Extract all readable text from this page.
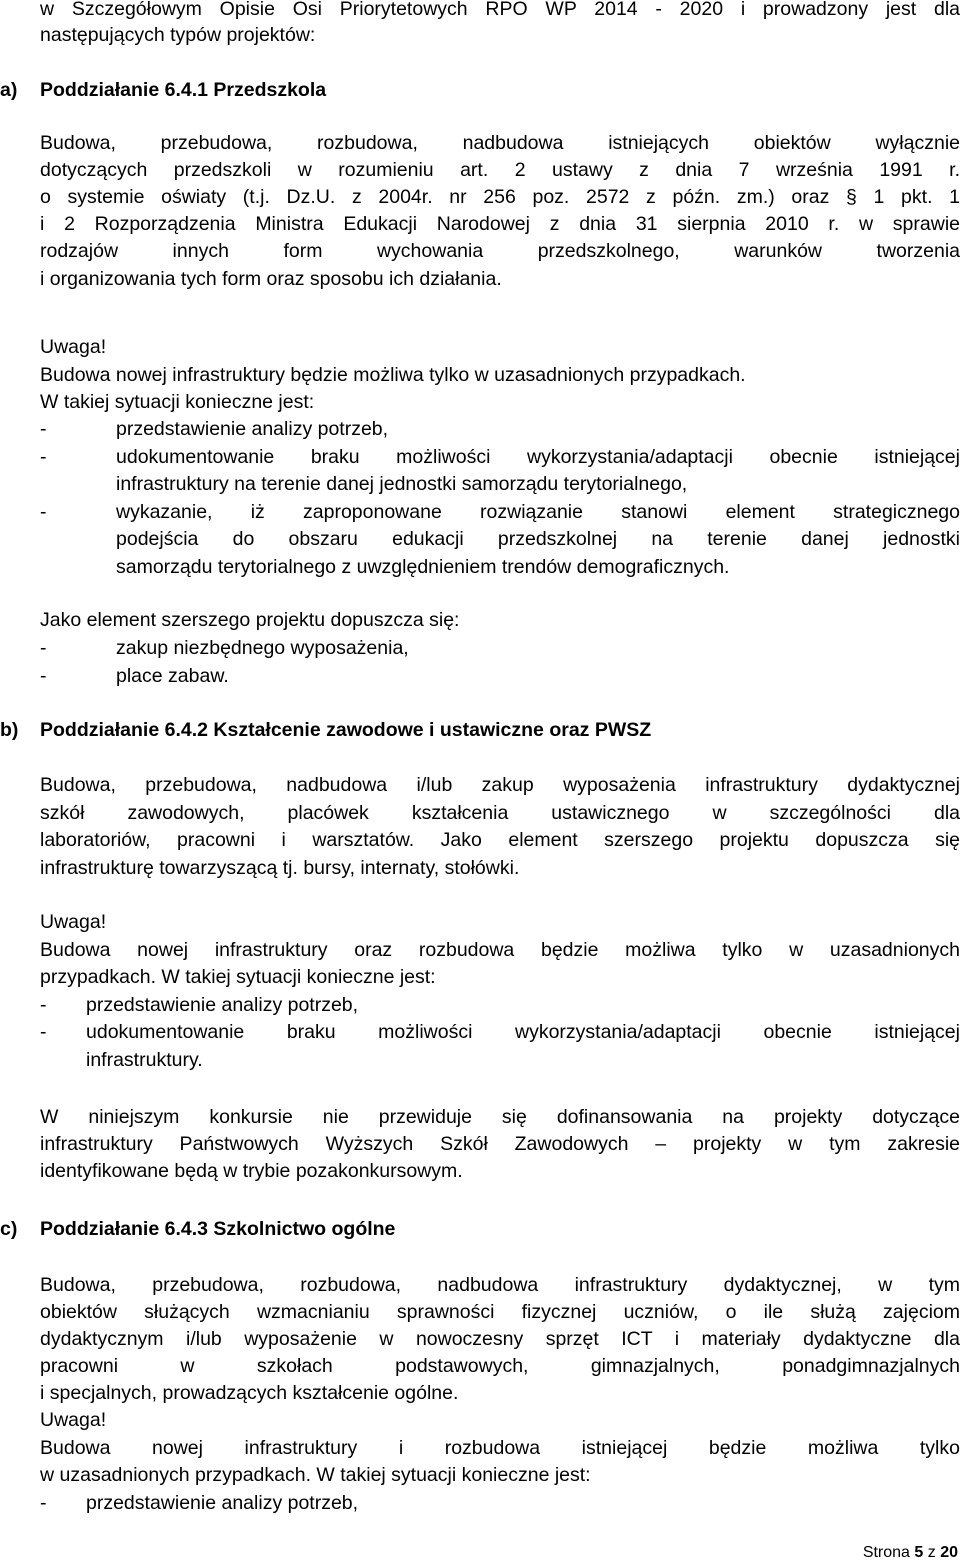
w Szczegółowym Opisie Osi Priorytetowych RPO WP 2014 - 2020 i prowadzony jest dla
następujących typów projektów:
a)	Poddziałanie 6.4.1 Przedszkola
Budowa, przebudowa, rozbudowa, nadbudowa istniejących obiektów wyłącznie
dotyczących przedszkoli w rozumieniu art. 2 ustawy z dnia 7 września 1991 r.
o systemie oświaty (t.j. Dz.U. z 2004r. nr 256 poz. 2572 z późn. zm.) oraz § 1 pkt. 1
i 2 Rozporządzenia Ministra Edukacji Narodowej z dnia 31 sierpnia 2010 r. w sprawie
rodzajów innych form wychowania przedszkolnego, warunków tworzenia
i organizowania tych form oraz sposobu ich działania.
Uwaga!
Budowa nowej infrastruktury będzie możliwa tylko w uzasadnionych przypadkach.
W takiej sytuacji konieczne jest:
-	przedstawienie analizy potrzeb,
-	udokumentowanie braku możliwości wykorzystania/adaptacji obecnie istniejącej
infrastruktury na terenie danej jednostki samorządu terytorialnego,
-	wykazanie, iż zaproponowane rozwiązanie stanowi element strategicznego
podejścia do obszaru edukacji przedszkolnej na terenie danej jednostki
samorządu terytorialnego z uwzględnieniem trendów demograficznych.
Jako element szerszego projektu dopuszcza się:
-	zakup niezbędnego wyposażenia,
-	place zabaw.
b)	Poddziałanie 6.4.2 Kształcenie zawodowe i ustawiczne oraz PWSZ
Budowa, przebudowa, nadbudowa i/lub zakup wyposażenia infrastruktury dydaktycznej
szkół zawodowych, placówek kształcenia ustawicznego w szczególności dla
laboratoriów, pracowni i warsztatów. Jako element szerszego projektu dopuszcza się
infrastrukturę towarzyszącą tj. bursy, internaty, stołówki.
Uwaga!
Budowa nowej infrastruktury oraz rozbudowa będzie możliwa tylko w uzasadnionych
przypadkach. W takiej sytuacji konieczne jest:
-	przedstawienie analizy potrzeb,
-	udokumentowanie braku możliwości wykorzystania/adaptacji obecnie istniejącej
infrastruktury.
W niniejszym konkursie nie przewiduje się dofinansowania na projekty dotyczące
infrastruktury Państwowych Wyższych Szkół Zawodowych – projekty w tym zakresie
identyfikowane będą w trybie pozakonkursowym.
c)	Poddziałanie 6.4.3 Szkolnictwo ogólne
Budowa, przebudowa, rozbudowa, nadbudowa infrastruktury dydaktycznej, w tym
obiektów służących wzmacnianiu sprawności fizycznej uczniów, o ile służą zajęciom
dydaktycznym i/lub wyposażenie w nowoczesny sprzęt ICT i materiały dydaktyczne dla
pracowni w szkołach podstawowych, gimnazjalnych, ponadgimnazjalnych
i specjalnych, prowadzących kształcenie ogólne.
Uwaga!
Budowa nowej infrastruktury i rozbudowa istniejącej będzie możliwa tylko
w uzasadnionych przypadkach. W takiej sytuacji konieczne jest:
-	przedstawienie analizy potrzeb,
Strona 5 z 20
